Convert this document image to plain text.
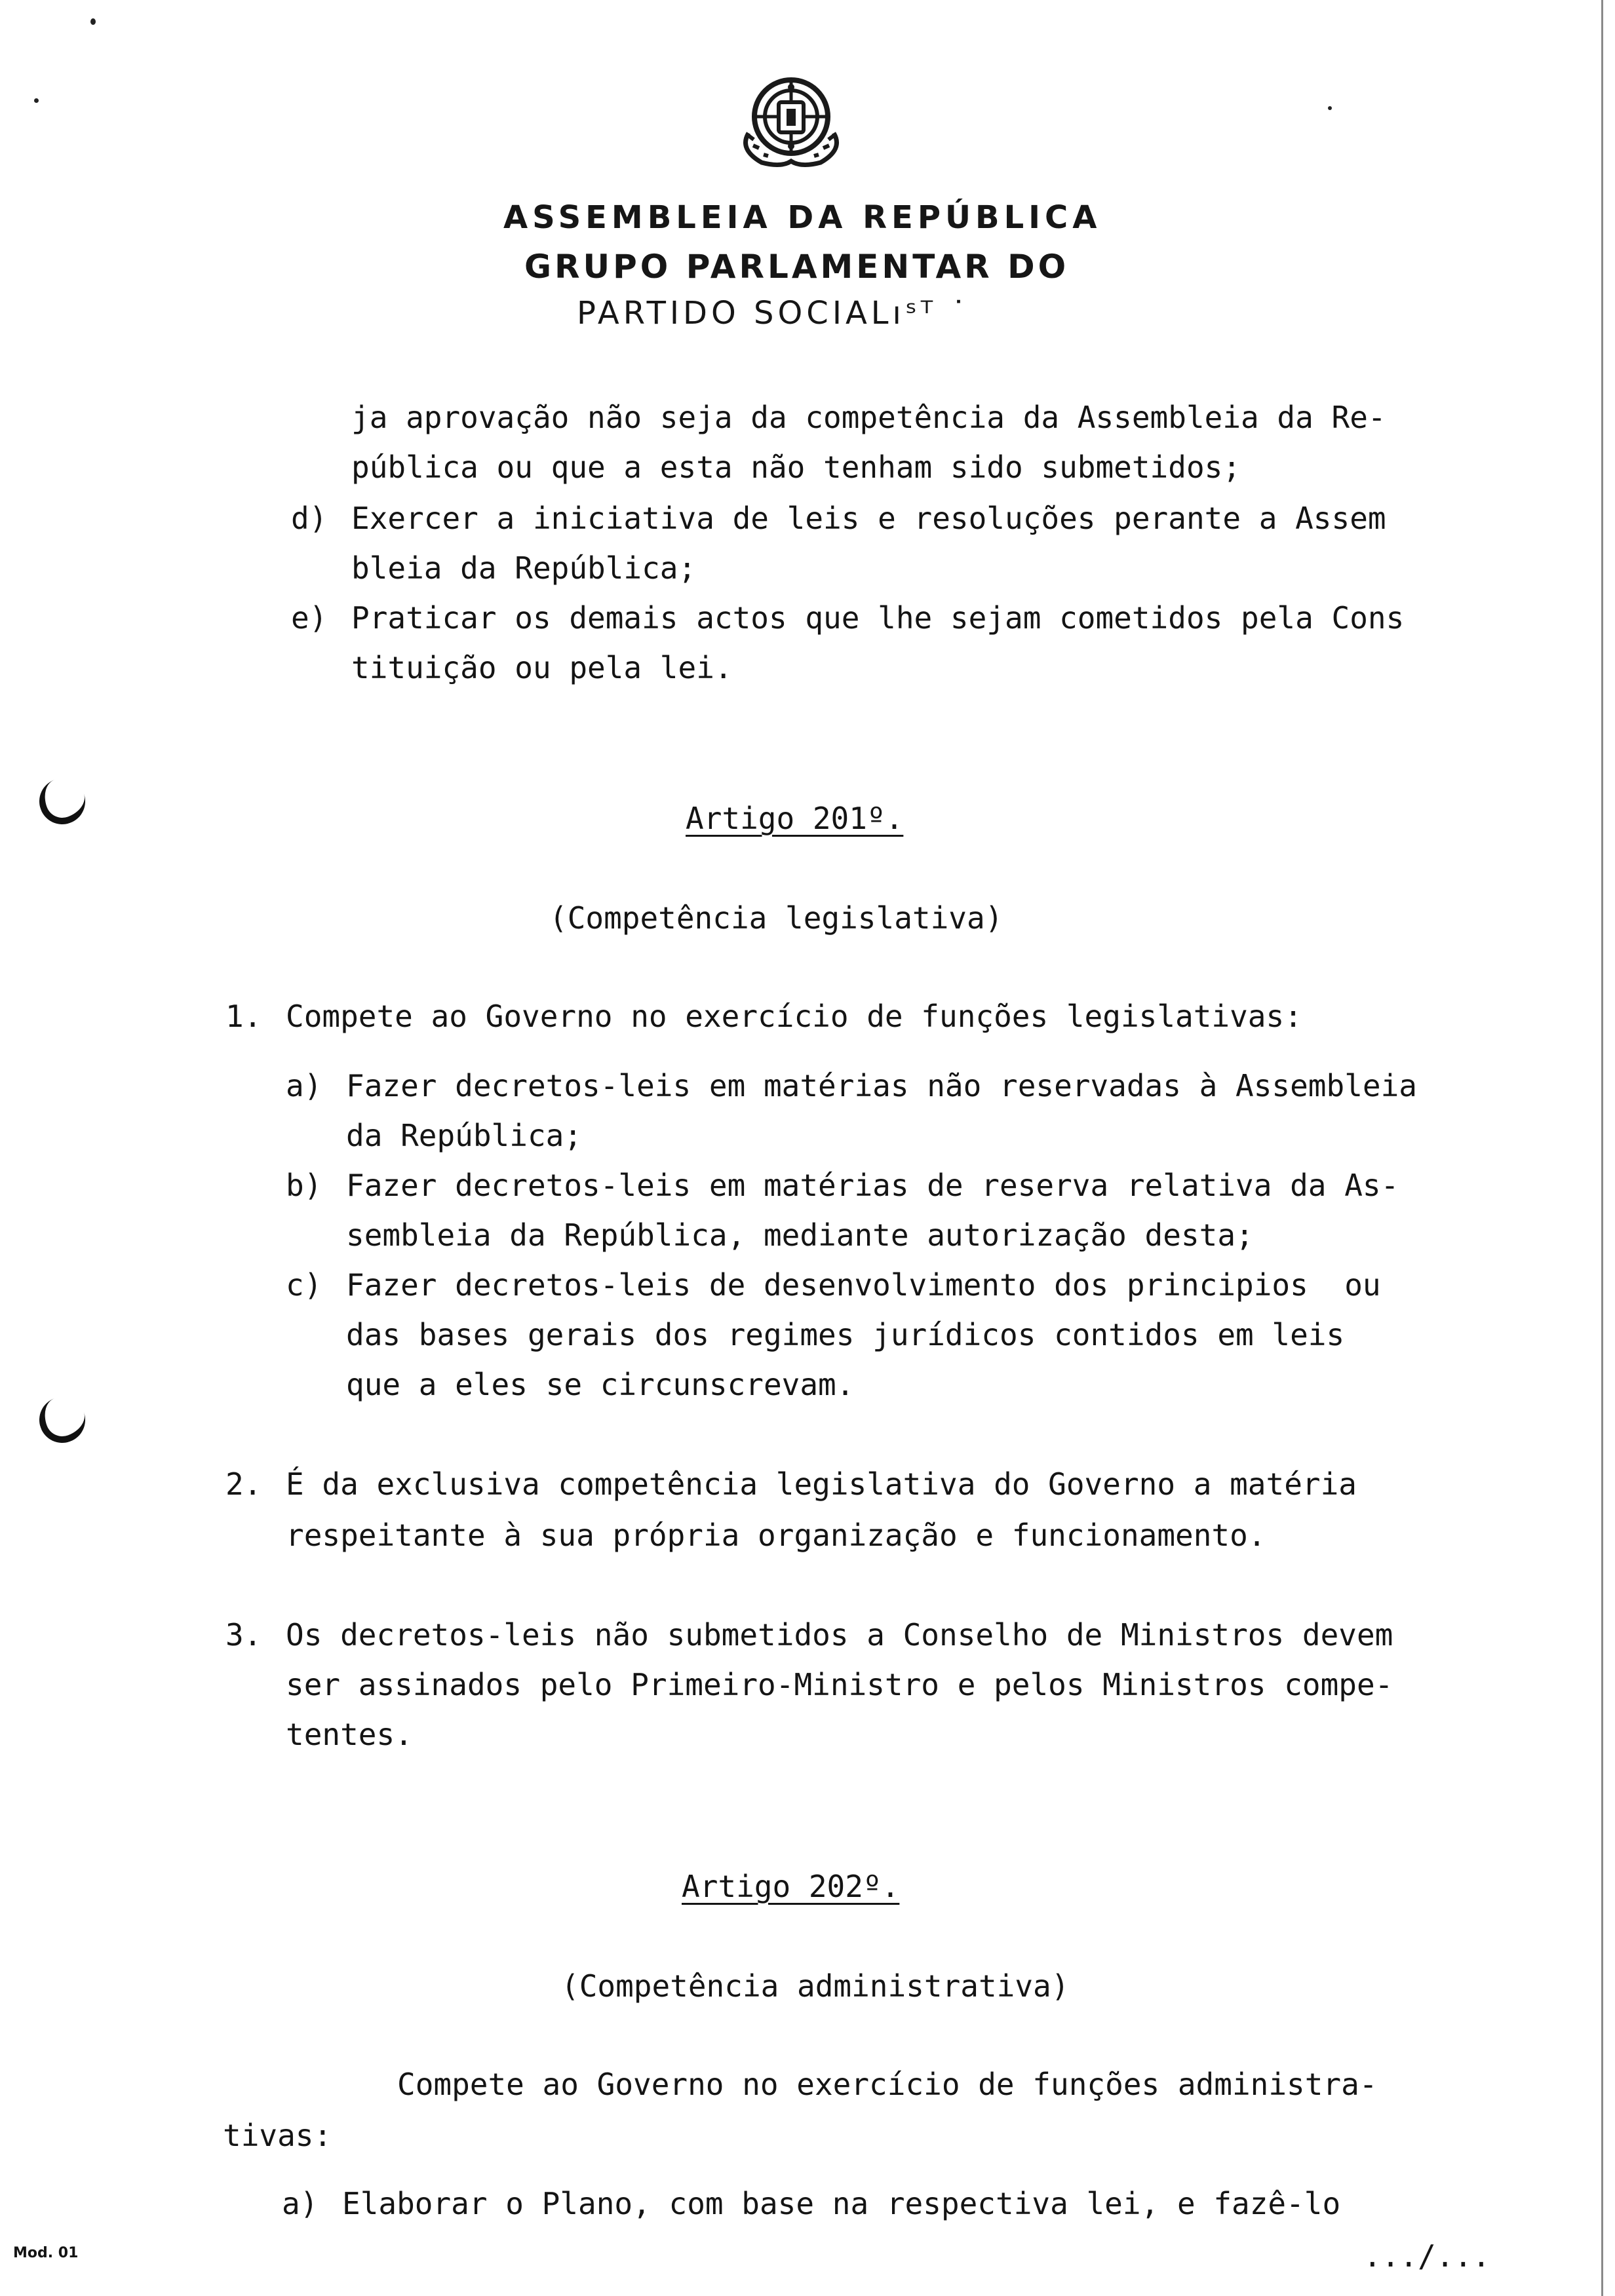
ASSEMBLEIA DA REPÚBLICA
GRUPO PARLAMENTAR DO
PARTIDO SOCIALıˢᵀ ˙
ja aprovação não seja da competência da Assembleia da Re-
pública ou que a esta não tenham sido submetidos;
d) Exercer a iniciativa de leis e resoluções perante a Assem
bleia da República;
e) Praticar os demais actos que lhe sejam cometidos pela Cons
tituição ou pela lei.
Artigo 201º.
(Competência legislativa)
1. Compete ao Governo no exercício de funções legislativas:
a) Fazer decretos-leis em matérias não reservadas à Assembleia
da República;
b) Fazer decretos-leis em matérias de reserva relativa da As-
sembleia da República, mediante autorização desta;
c) Fazer decretos-leis de desenvolvimento dos principios  ou
das bases gerais dos regimes jurídicos contidos em leis
que a eles se circunscrevam.
2. É da exclusiva competência legislativa do Governo a matéria
respeitante à sua própria organização e funcionamento.
3. Os decretos-leis não submetidos a Conselho de Ministros devem
ser assinados pelo Primeiro-Ministro e pelos Ministros compe-
tentes.
Artigo 202º.
(Competência administrativa)
Compete ao Governo no exercício de funções administra-
tivas:
a) Elaborar o Plano, com base na respectiva lei, e fazê-lo
Mod. 01	.../...
